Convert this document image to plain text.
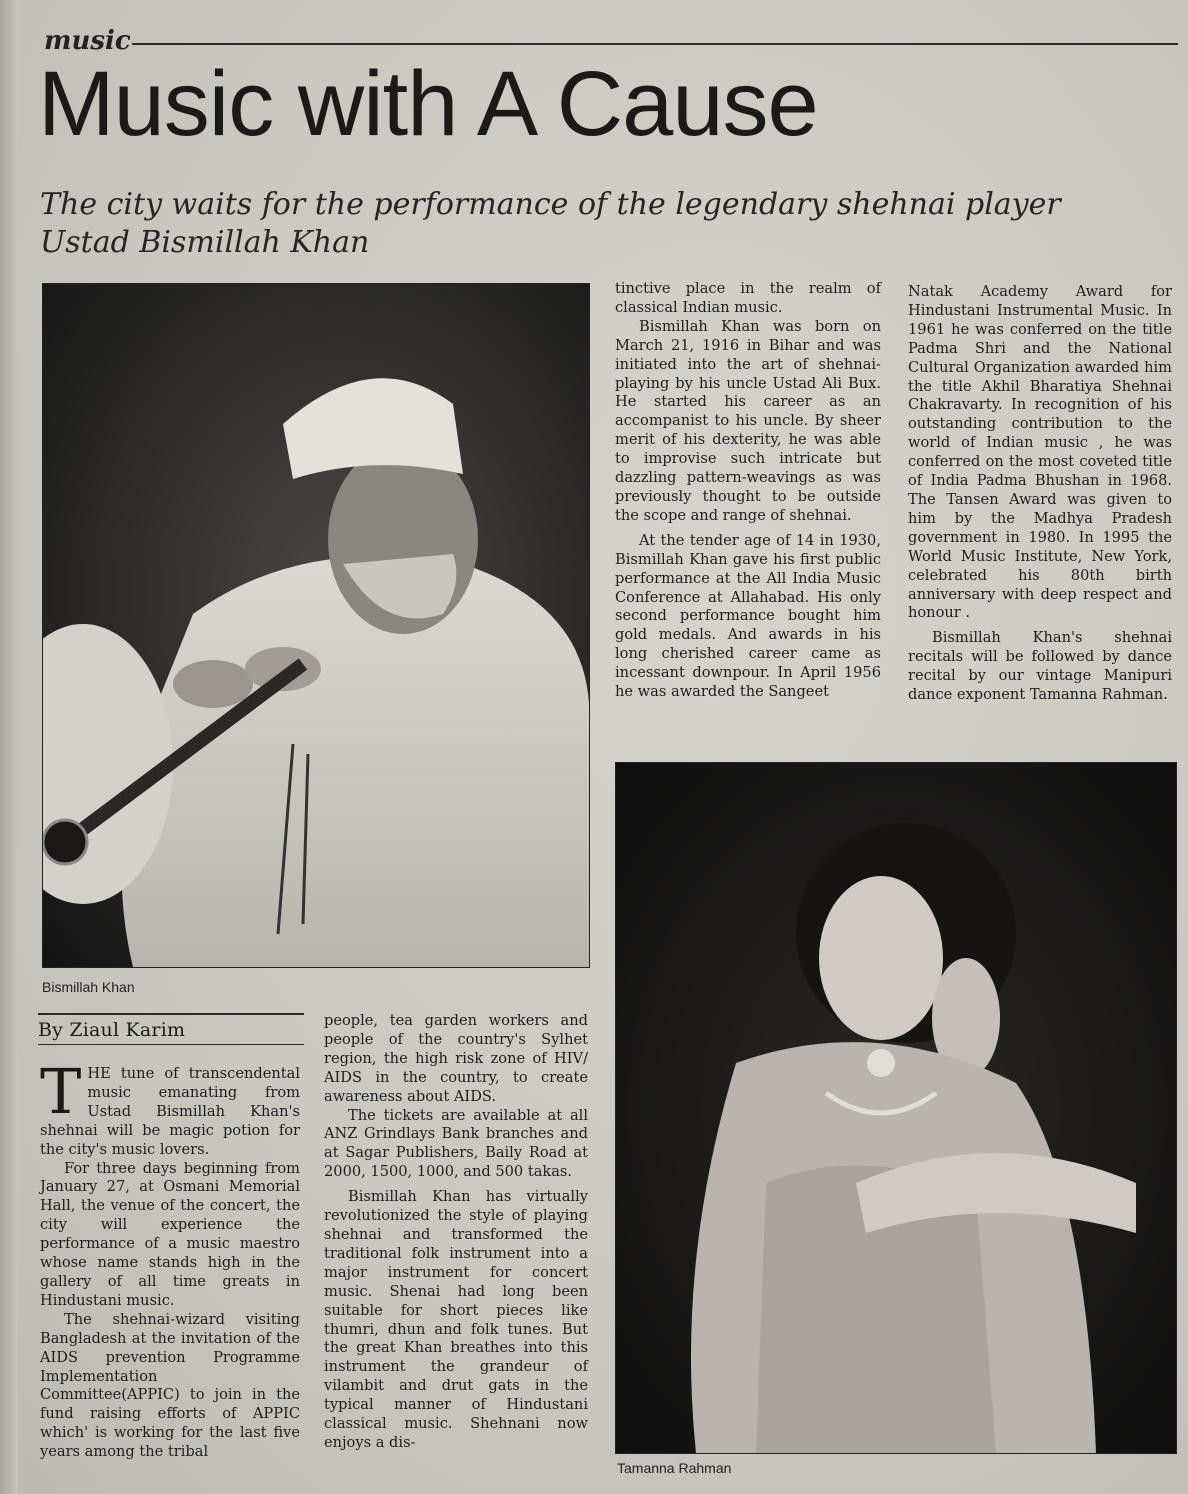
music
Music with A Cause
The city waits for the performance of the legendary shehnai player Ustad Bismillah Khan
Bismillah Khan
Tamanna Rahman
By Ziaul Karim

THE tune of transcendental music emanating from Ustad Bismillah Khan's shehnai will be magic potion for the city's music lovers.

For three days beginning from January 27, at Osmani Memorial Hall, the venue of the concert, the city will experience the performance of a music maestro whose name stands high in the gallery of all time greats in Hindustani music.

The shehnai-wizard visiting Bangladesh at the invitation of the AIDS prevention Programme Implementation Committee(APPIC) to join in the fund raising efforts of APPIC which' is working for the last five years among the tribal

people, tea garden workers and people of the country's Sylhet region, the high risk zone of HIV/ AIDS in the country, to create awareness about AIDS.

The tickets are available at all ANZ Grindlays Bank branches and at Sagar Publishers, Baily Road at 2000, 1500, 1000, and 500 takas.

Bismillah Khan has virtually revolutionized the style of playing shehnai and transformed the traditional folk instrument into a major instrument for concert music. Shenai had long been suitable for short pieces like thumri, dhun and folk tunes. But the great Khan breathes into this instrument the grandeur of vilambit and drut gats in the typical manner of Hindustani classical music. Shehnani now enjoys a dis-

tinctive place in the realm of classical Indian music.

Bismillah Khan was born on March 21, 1916 in Bihar and was initiated into the art of shehnai-playing by his uncle Ustad Ali Bux. He started his career as an accompanist to his uncle. By sheer merit of his dexterity, he was able to improvise such intricate but dazzling pattern-weavings as was previously thought to be outside the scope and range of shehnai.

At the tender age of 14 in 1930, Bismillah Khan gave his first public performance at the All India Music Conference at Allahabad. His only second performance bought him gold medals. And awards in his long cherished career came as incessant downpour. In April 1956 he was awarded the Sangeet

Natak Academy Award for Hindustani Instrumental Music. In 1961 he was conferred on the title Padma Shri and the National Cultural Organization awarded him the title Akhil Bharatiya Shehnai Chakravarty. In recognition of his outstanding contribution to the world of Indian music , he was conferred on the most coveted title of India Padma Bhushan in 1968. The Tansen Award was given to him by the Madhya Pradesh government in 1980. In 1995 the World Music Institute, New York, celebrated his 80th birth anniversary with deep respect and honour .

Bismillah Khan's shehnai recitals will be followed by dance recital by our vintage Manipuri dance exponent Tamanna Rahman.
